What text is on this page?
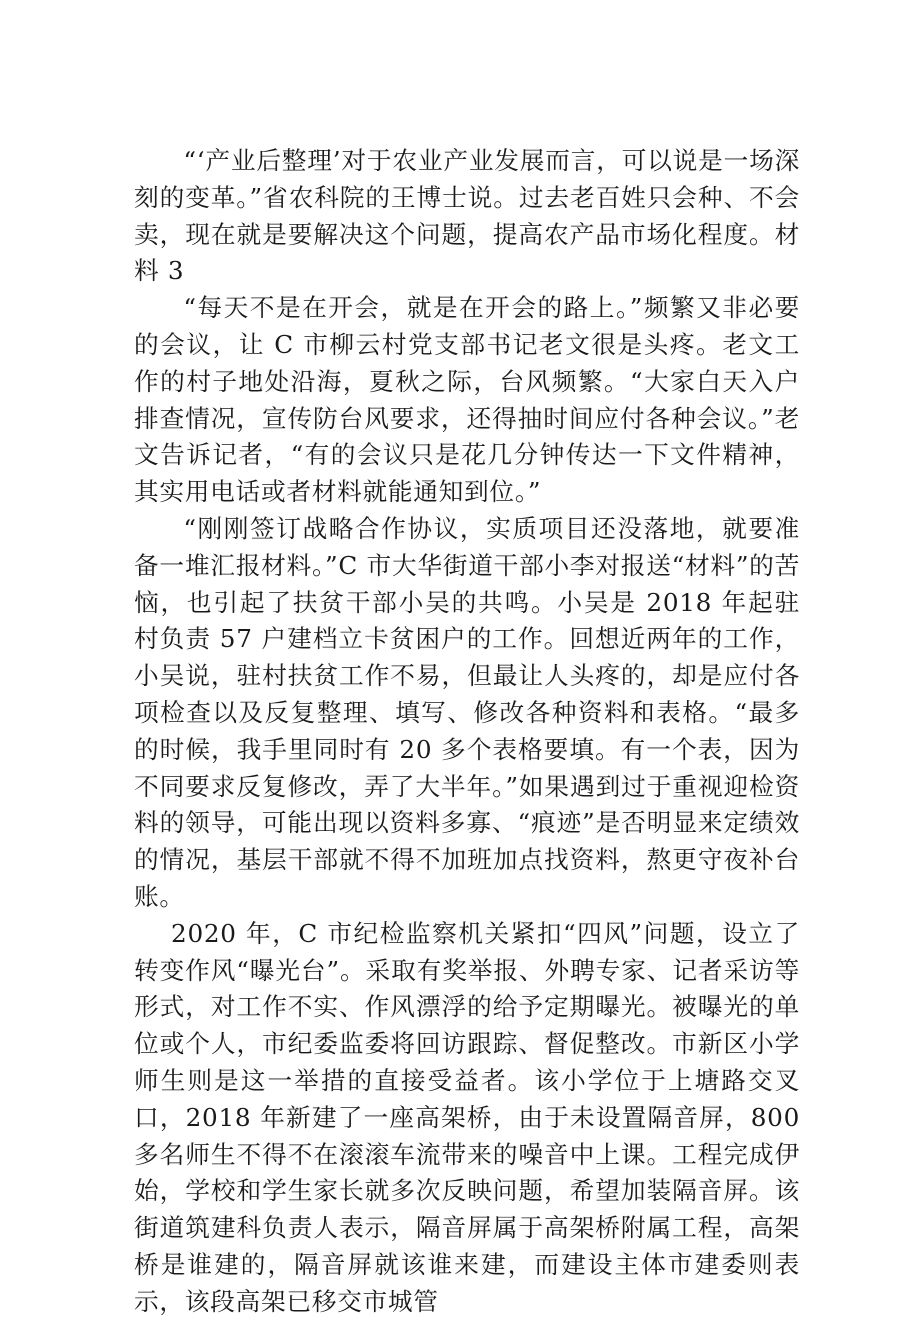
“‘产业后整理’对于农业产业发展而言，可以说是一场深刻的变革。”省农科院的王博士说。过去老百姓只会种、不会卖，现在就是要解决这个问题，提高农产品市场化程度。材料 3

“每天不是在开会，就是在开会的路上。”频繁又非必要的会议，让 C 市柳云村党支部书记老文很是头疼。老文工作的村子地处沿海，夏秋之际，台风频繁。“大家白天入户排查情况，宣传防台风要求，还得抽时间应付各种会议。”老文告诉记者，“有的会议只是花几分钟传达一下文件精神，其实用电话或者材料就能通知到位。”

“刚刚签订战略合作协议，实质项目还没落地，就要准备一堆汇报材料。”C 市大华街道干部小李对报送“材料”的苦恼，也引起了扶贫干部小吴的共鸣。小吴是 2018 年起驻村负责 57 户建档立卡贫困户的工作。回想近两年的工作，小吴说，驻村扶贫工作不易，但最让人头疼的，却是应付各项检查以及反复整理、填写、修改各种资料和表格。“最多的时候，我手里同时有 20 多个表格要填。有一个表，因为不同要求反复修改，弄了大半年。”如果遇到过于重视迎检资料的领导，可能出现以资料多寡、“痕迹”是否明显来定绩效的情况，基层干部就不得不加班加点找资料，熬更守夜补台账。

2020 年，C 市纪检监察机关紧扣“四风”问题，设立了转变作风“曝光台”。采取有奖举报、外聘专家、记者采访等形式，对工作不实、作风漂浮的给予定期曝光。被曝光的单位或个人，市纪委监委将回访跟踪、督促整改。市新区小学师生则是这一举措的直接受益者。该小学位于上塘路交叉口，2018 年新建了一座高架桥，由于未设置隔音屏，800 多名师生不得不在滚滚车流带来的噪音中上课。工程完成伊始，学校和学生家长就多次反映问题，希望加装隔音屏。该街道筑建科负责人表示，隔音屏属于高架桥附属工程，高架桥是谁建的，隔音屏就该谁来建，而建设主体市建委则表示，该段高架已移交市城管
